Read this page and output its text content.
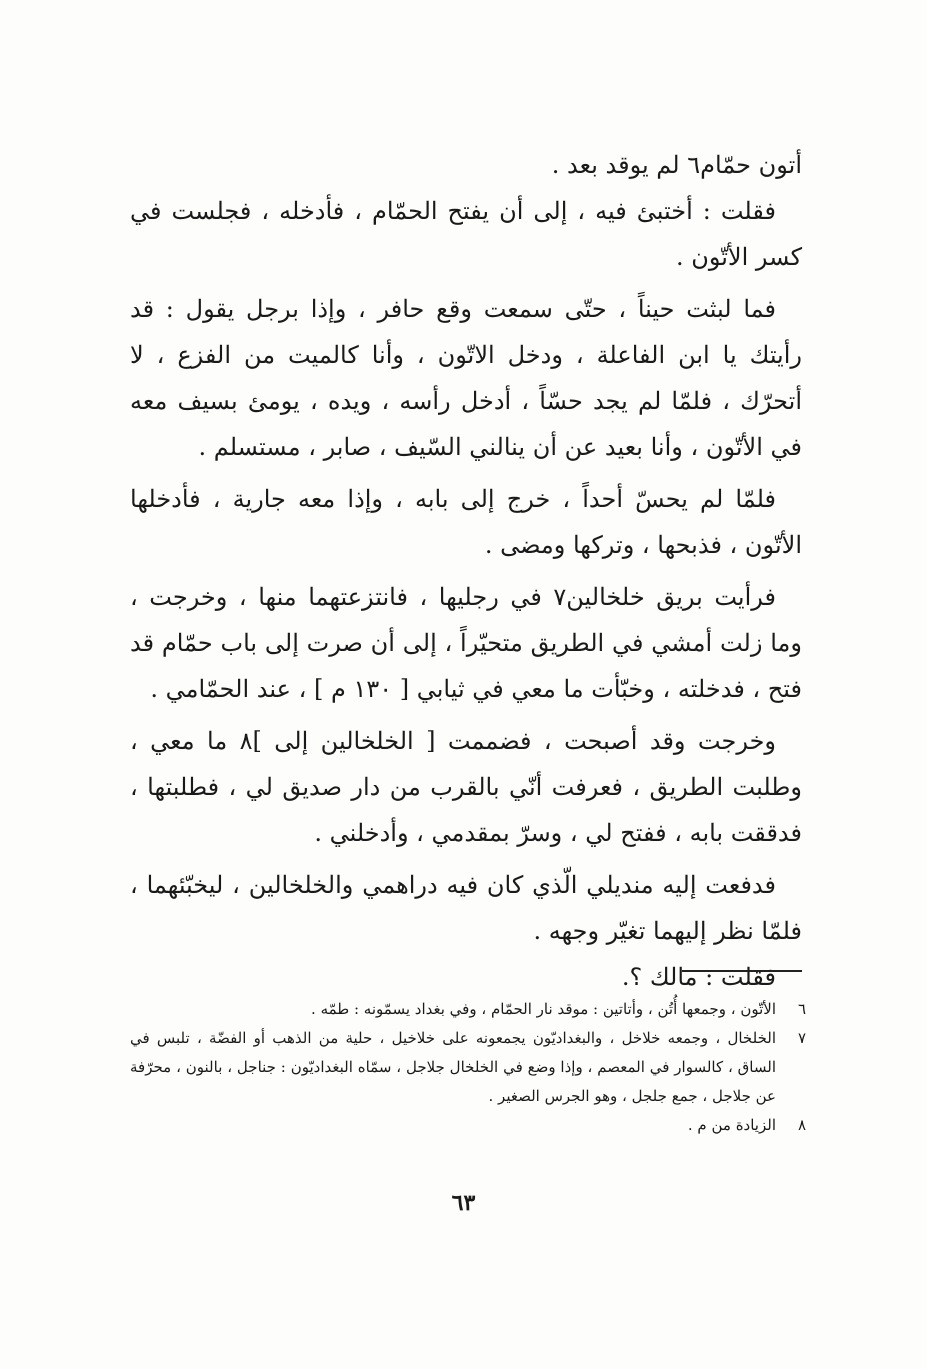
أتون حمّام٦ لم يوقد بعد .

فقلت : أختبئ فيه ، إلى أن يفتح الحمّام ، فأدخله ، فجلست في كسر الأتّون .

فما لبثت حيناً ، حتّى سمعت وقع حافر ، وإذا برجل يقول : قد رأيتك يا ابن الفاعلة ، ودخل الاتّون ، وأنا كالميت من الفزع ، لا أتحرّك ، فلمّا لم يجد حسّاً ، أدخل رأسه ، ويده ، يومئ بسيف معه في الأتّون ، وأنا بعيد عن أن ينالني السّيف ، صابر ، مستسلم .

فلمّا لم يحسّ أحداً ، خرج إلى بابه ، وإذا معه جارية ، فأدخلها الأتّون ، فذبحها ، وتركها ومضى .

فرأيت بريق خلخالين٧ في رجليها ، فانتزعتهما منها ، وخرجت ، وما زلت أمشي في الطريق متحيّراً ، إلى أن صرت إلى باب حمّام قد فتح ، فدخلته ، وخبّأت ما معي في ثيابي [ ١٣٠ م ] ، عند الحمّامي .

وخرجت وقد أصبحت ، فضممت [ الخلخالين إلى ]٨ ما معي ، وطلبت الطريق ، فعرفت أنّي بالقرب من دار صديق لي ، فطلبتها ، فدققت بابه ، ففتح لي ، وسرّ بمقدمي ، وأدخلني .

فدفعت إليه منديلي الّذي كان فيه دراهمي والخلخالين ، ليخبّئهما ، فلمّا نظر إليهما تغيّر وجهه .

فقلت : مالك ؟.

٦
الأتّون ، وجمعها أُتُن ، وأتاتين : موقد نار الحمّام ، وفي بغداد يسمّونه : طمّه .
٧
الخلخال ، وجمعه خلاخل ، والبغداديّون يجمعونه على خلاخيل ، حلية من الذهب أو الفضّة ، تلبس في الساق ، كالسوار في المعصم ، وإذا وضع في الخلخال جلاجل ، سمّاه البغداديّون : جناجل ، بالنون ، محرّفة عن جلاجل ، جمع جلجل ، وهو الجرس الصغير .
٨
الزيادة من م .
٦٣
